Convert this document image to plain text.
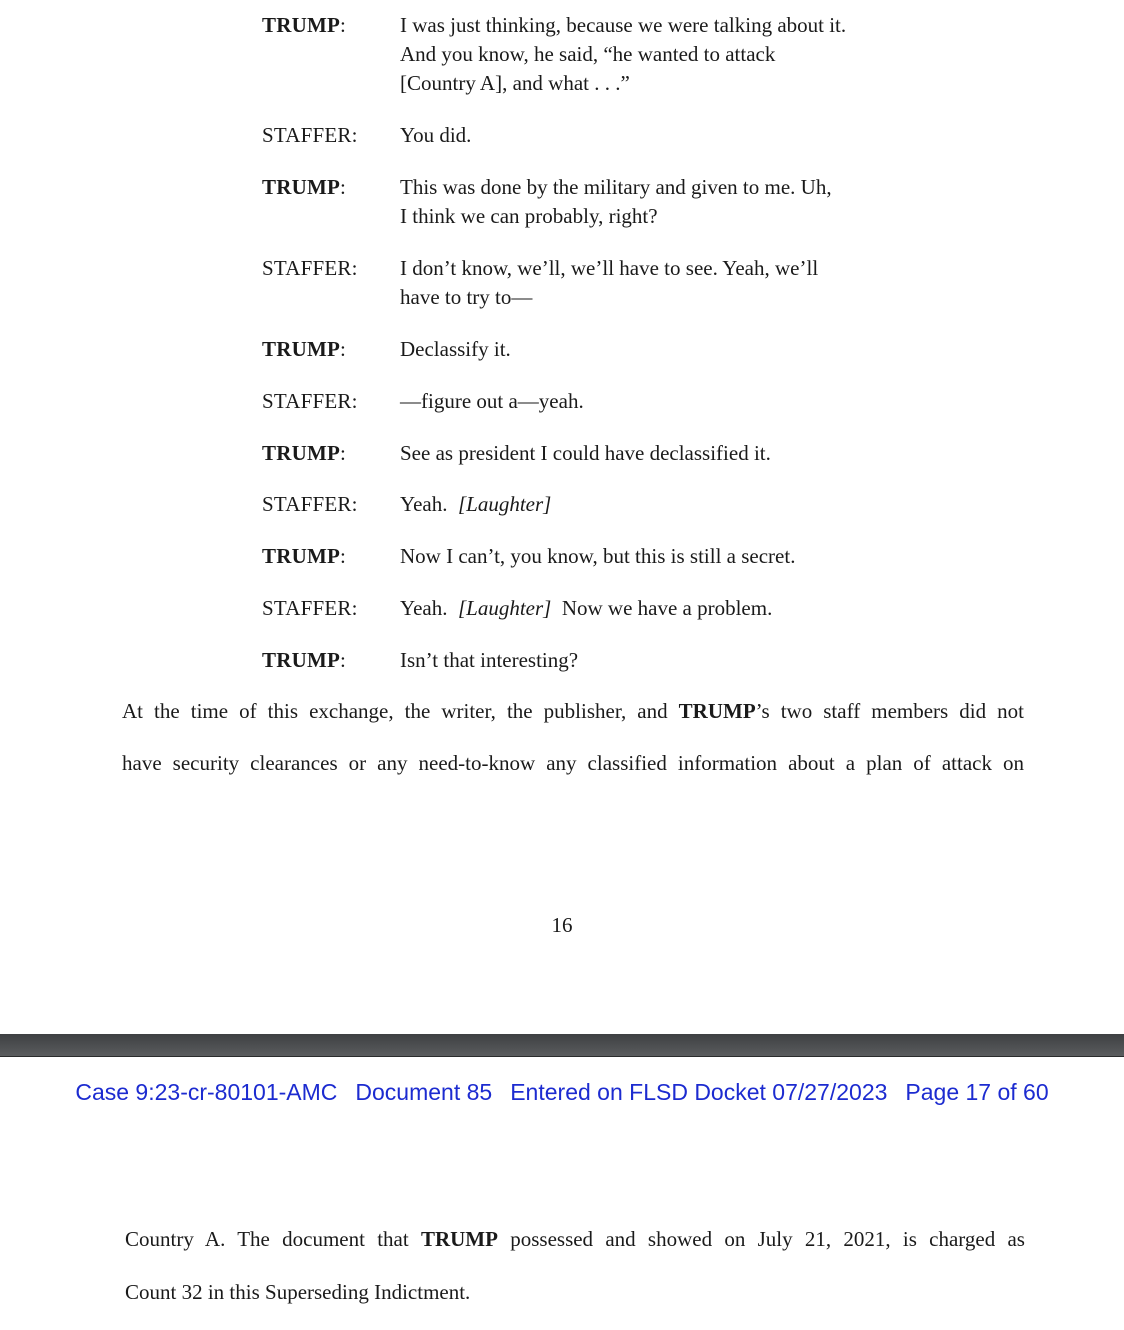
TRUMP:	I was just thinking, because we were talking about it.
And you know, he said, “he wanted to attack
[Country A], and what . . .”
STAFFER: You did.
TRUMP:	This was done by the military and given to me. Uh,
I think we can probably, right?
STAFFER: I don’t know, we’ll, we’ll have to see. Yeah, we’ll
have to try to—
TRUMP:	Declassify it.
STAFFER: —figure out a—yeah.
TRUMP:	See as president I could have declassified it.
STAFFER: Yeah.  [Laughter]
TRUMP:	Now I can’t, you know, but this is still a secret.
STAFFER: Yeah.  [Laughter]  Now we have a problem.
TRUMP:	Isn’t that interesting?
At the time of this exchange, the writer, the publisher, and TRUMP’s two staff members did not
have security clearances or any need-to-know any classified information about a plan of attack on
16
Case 9:23-cr-80101-AMC Document 85 Entered on FLSD Docket 07/27/2023 Page 17 of 60
Country A. The document that TRUMP possessed and showed on July 21, 2021, is charged as
Count 32 in this Superseding Indictment.
